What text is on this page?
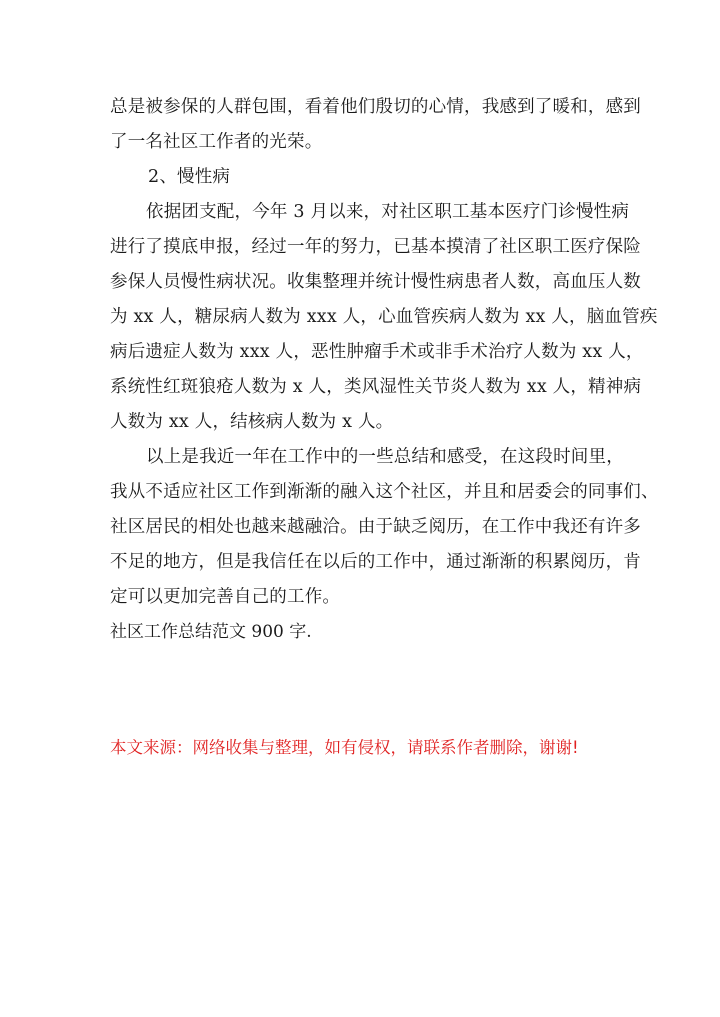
总是被参保的人群包围，看着他们殷切的心情，我感到了暖和，感到
了一名社区工作者的光荣。
2、慢性病
依据团支配，今年 3 月以来，对社区职工基本医疗门诊慢性病
进行了摸底申报，经过一年的努力，已基本摸清了社区职工医疗保险
参保人员慢性病状况。收集整理并统计慢性病患者人数，高血压人数
为 xx 人，糖尿病人数为 xxx 人，心血管疾病人数为 xx 人，脑血管疾
病后遗症人数为 xxx 人，恶性肿瘤手术或非手术治疗人数为 xx 人，
系统性红斑狼疮人数为 x 人，类风湿性关节炎人数为 xx 人，精神病
人数为 xx 人，结核病人数为 x 人。
以上是我近一年在工作中的一些总结和感受，在这段时间里，
我从不适应社区工作到渐渐的融入这个社区，并且和居委会的同事们、
社区居民的相处也越来越融洽。由于缺乏阅历，在工作中我还有许多
不足的地方，但是我信任在以后的工作中，通过渐渐的积累阅历，肯
定可以更加完善自己的工作。
社区工作总结范文 900 字.
本文来源：网络收集与整理，如有侵权，请联系作者删除，谢谢!
